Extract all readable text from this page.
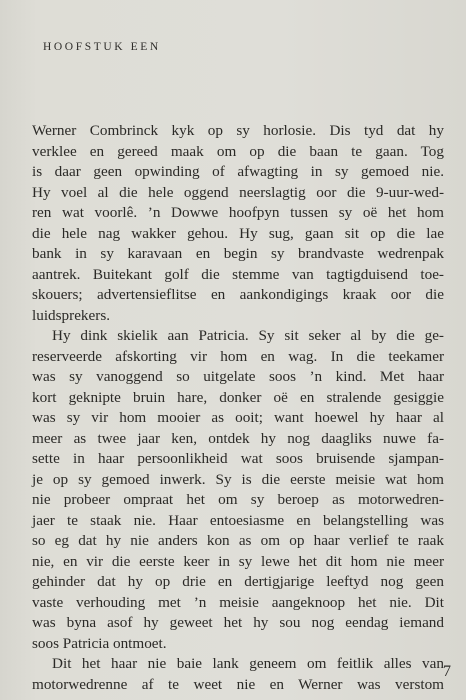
HOOFSTUK EEN
Werner Combrinck kyk op sy horlosie. Dis tyd dat hy
verklee en gereed maak om op die baan te gaan. Tog
is daar geen opwinding of afwagting in sy gemoed nie.
Hy voel al die hele oggend neerslagtig oor die 9-uur-wed-
ren wat voorlê. ’n Dowwe hoofpyn tussen sy oë het hom
die hele nag wakker gehou. Hy sug, gaan sit op die lae
bank in sy karavaan en begin sy brandvaste wedrenpak
aantrek. Buitekant golf die stemme van tagtigduisend toe-
skouers; advertensieflitse en aankondigings kraak oor die
luidsprekers.
Hy dink skielik aan Patricia. Sy sit seker al by die ge-
reserveerde afskorting vir hom en wag. In die teekamer
was sy vanoggend so uitgelate soos ’n kind. Met haar
kort geknipte bruin hare, donker oë en stralende gesiggie
was sy vir hom mooier as ooit; want hoewel hy haar al
meer as twee jaar ken, ontdek hy nog daagliks nuwe fa-
sette in haar persoonlikheid wat soos bruisende sjampan-
je op sy gemoed inwerk. Sy is die eerste meisie wat hom
nie probeer ompraat het om sy beroep as motorwedren-
jaer te staak nie. Haar entoesiasme en belangstelling was
so eg dat hy nie anders kon as om op haar verlief te raak
nie, en vir die eerste keer in sy lewe het dit hom nie meer
gehinder dat hy op drie en dertigjarige leeftyd nog geen
vaste verhouding met ’n meisie aangeknoop het nie. Dit
was byna asof hy geweet het hy sou nog eendag iemand
soos Patricia ontmoet.
Dit het haar nie baie lank geneem om feitlik alles van
motorwedrenne af te weet nie en Werner was verstom
7
